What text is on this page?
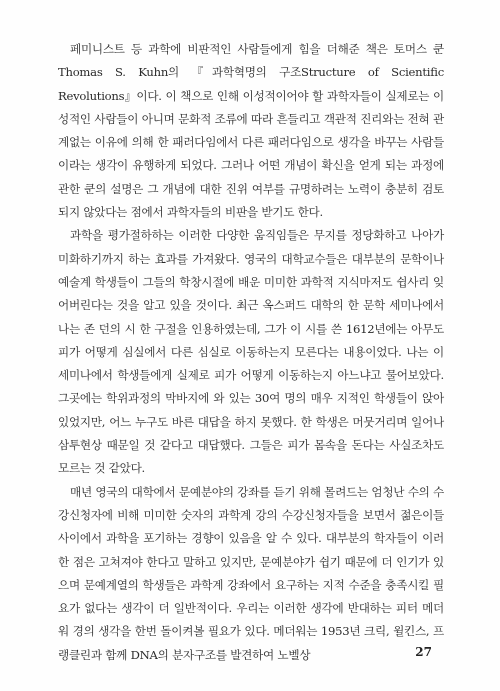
페미니스트 등 과학에 비판적인 사람들에게 힘을 더해준 책은 토머스 쿤Thomas S. Kuhn의 『과학혁명의 구조Structure of Scientific Revolutions』이다. 이 책으로 인해 이성적이어야 할 과학자들이 실제로는 이성적인 사람들이 아니며 문화적 조류에 따라 흔들리고 객관적 진리와는 전혀 관계없는 이유에 의해 한 패러다임에서 다른 패러다임으로 생각을 바꾸는 사람들이라는 생각이 유행하게 되었다. 그러나 어떤 개념이 확신을 얻게 되는 과정에 관한 쿤의 설명은 그 개념에 대한 진위 여부를 규명하려는 노력이 충분히 검토되지 않았다는 점에서 과학자들의 비판을 받기도 한다.

과학을 평가절하하는 이러한 다양한 움직임들은 무지를 정당화하고 나아가 미화하기까지 하는 효과를 가져왔다. 영국의 대학교수들은 대부분의 문학이나 예술계 학생들이 그들의 학창시절에 배운 미미한 과학적 지식마저도 쉽사리 잊어버린다는 것을 알고 있을 것이다. 최근 옥스퍼드 대학의 한 문학 세미나에서 나는 존 던의 시 한 구절을 인용하였는데, 그가 이 시를 쓴 1612년에는 아무도 피가 어떻게 심실에서 다른 심실로 이동하는지 모른다는 내용이었다. 나는 이 세미나에서 학생들에게 실제로 피가 어떻게 이동하는지 아느냐고 물어보았다. 그곳에는 학위과정의 막바지에 와 있는 30여 명의 매우 지적인 학생들이 앉아 있었지만, 어느 누구도 바른 대답을 하지 못했다. 한 학생은 머뭇거리며 일어나 삼투현상 때문일 것 같다고 대답했다. 그들은 피가 몸속을 돈다는 사실조차도 모르는 것 같았다.

매년 영국의 대학에서 문예분야의 강좌를 듣기 위해 몰려드는 엄청난 수의 수강신청자에 비해 미미한 숫자의 과학계 강의 수강신청자들을 보면서 젊은이들 사이에서 과학을 포기하는 경향이 있음을 알 수 있다. 대부분의 학자들이 이러한 점은 고쳐져야 한다고 말하고 있지만, 문예분야가 쉽기 때문에 더 인기가 있으며 문예계열의 학생들은 과학계 강좌에서 요구하는 지적 수준을 충족시킬 필요가 없다는 생각이 더 일반적이다. 우리는 이러한 생각에 반대하는 피터 메더워 경의 생각을 한번 돌이켜볼 필요가 있다. 메더워는 1953년 크릭, 윌킨스, 프랭클린과 함께 DNA의 분자구조를 발견하여 노벨상	27
